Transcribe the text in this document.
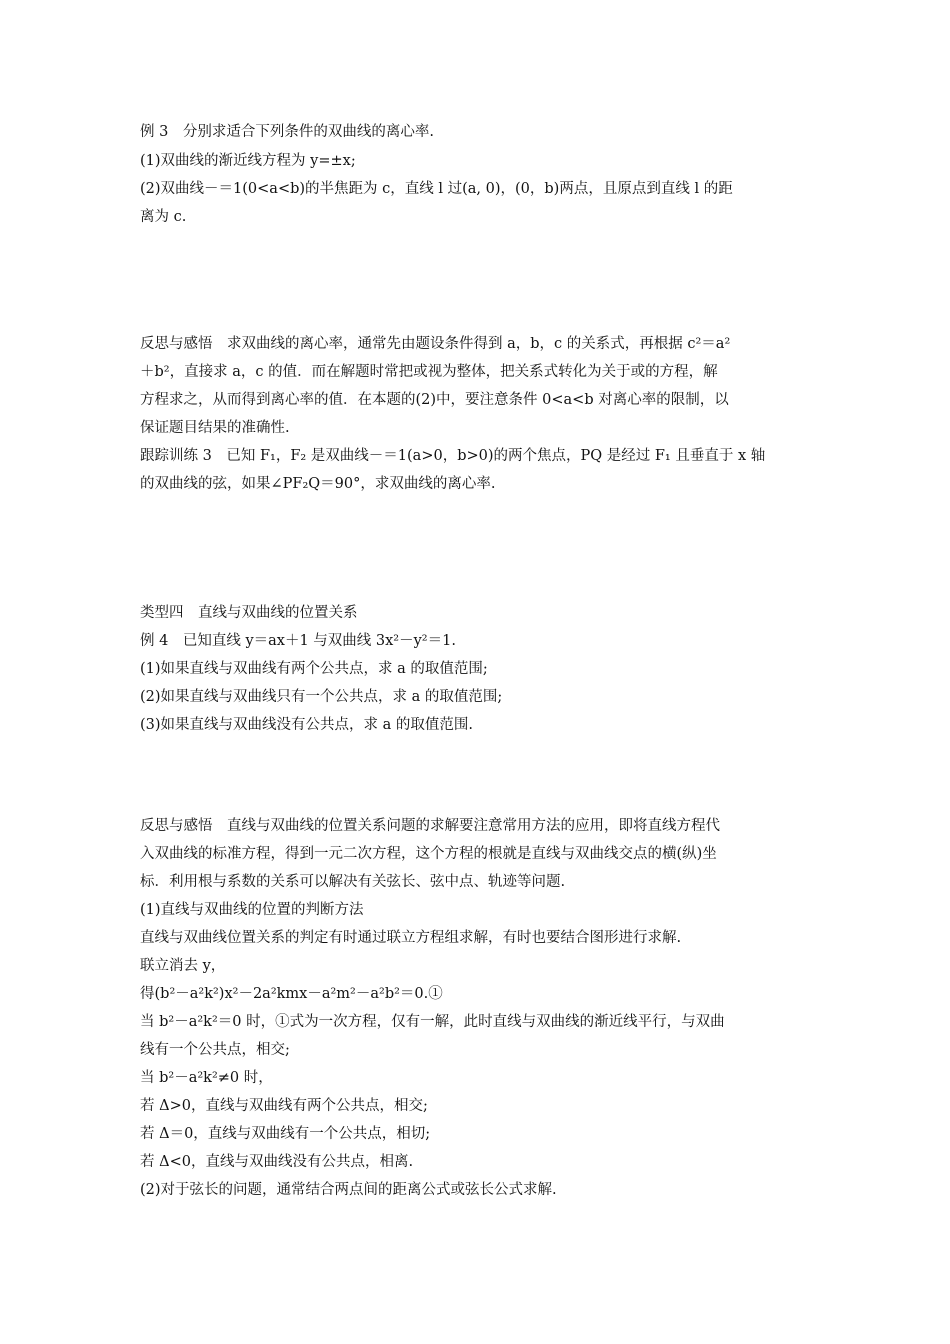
例 3　分别求适合下列条件的双曲线的离心率.
(1)双曲线的渐近线方程为 y=±x;
(2)双曲线－＝1(0<a<b)的半焦距为 c，直线 l 过(a, 0)，(0，b)两点，且原点到直线 l 的距
离为 c.
反思与感悟　求双曲线的离心率，通常先由题设条件得到 a，b，c 的关系式，再根据 c²＝a²
＋b²，直接求 a，c 的值．而在解题时常把或视为整体，把关系式转化为关于或的方程，解
方程求之，从而得到离心率的值．在本题的(2)中，要注意条件 0<a<b 对离心率的限制，以
保证题目结果的准确性.
跟踪训练 3　已知 F₁，F₂ 是双曲线－＝1(a>0，b>0)的两个焦点，PQ 是经过 F₁ 且垂直于 x 轴
的双曲线的弦，如果∠PF₂Q＝90°，求双曲线的离心率.
类型四　直线与双曲线的位置关系
例 4　已知直线 y＝ax＋1 与双曲线 3x²－y²＝1.
(1)如果直线与双曲线有两个公共点，求 a 的取值范围;
(2)如果直线与双曲线只有一个公共点，求 a 的取值范围;
(3)如果直线与双曲线没有公共点，求 a 的取值范围.
反思与感悟　直线与双曲线的位置关系问题的求解要注意常用方法的应用，即将直线方程代
入双曲线的标准方程，得到一元二次方程，这个方程的根就是直线与双曲线交点的横(纵)坐
标．利用根与系数的关系可以解决有关弦长、弦中点、轨迹等问题.
(1)直线与双曲线的位置的判断方法
直线与双曲线位置关系的判定有时通过联立方程组求解，有时也要结合图形进行求解.
联立消去 y，
得(b²－a²k²)x²－2a²kmx－a²m²－a²b²＝0.①
当 b²－a²k²＝0 时，①式为一次方程，仅有一解，此时直线与双曲线的渐近线平行，与双曲
线有一个公共点，相交;
当 b²－a²k²≠0 时，
若 Δ>0，直线与双曲线有两个公共点，相交;
若 Δ＝0，直线与双曲线有一个公共点，相切;
若 Δ<0，直线与双曲线没有公共点，相离.
(2)对于弦长的问题，通常结合两点间的距离公式或弦长公式求解.
